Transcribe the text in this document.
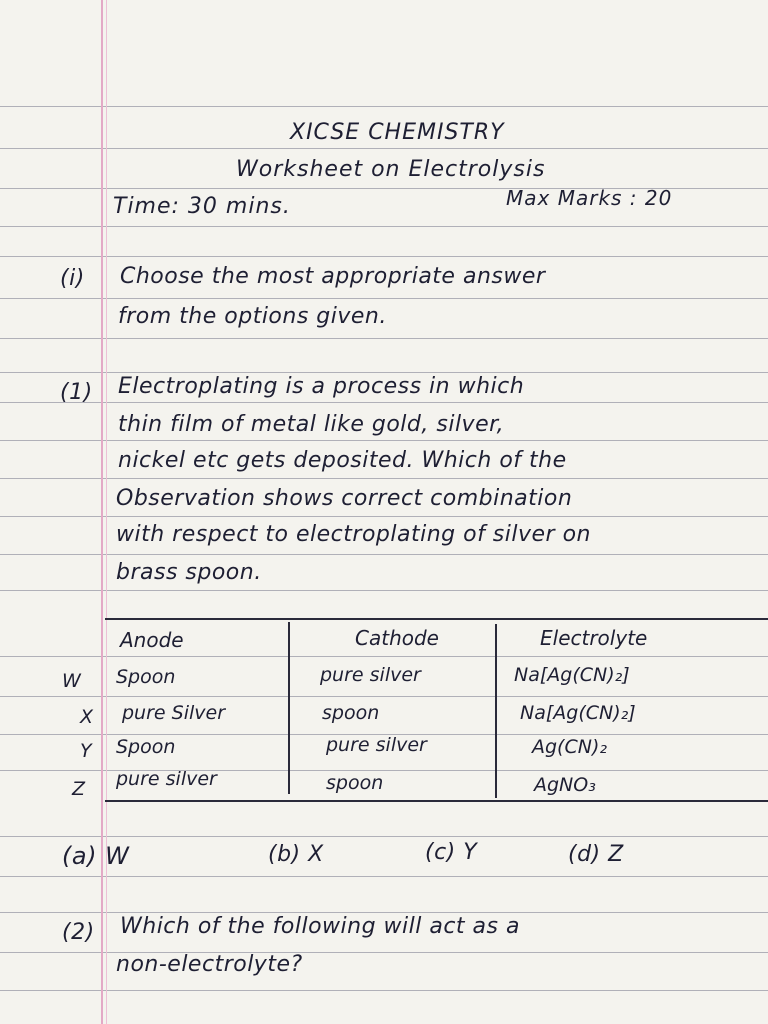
XICSE CHEMISTRY
Worksheet on Electrolysis
Time: 30 mins.	Max Marks : 20
(i) Choose the most appropriate answer
from the options given.
(1) Electroplating is a process in which
thin film of metal like gold, silver,
nickel etc gets deposited. Which of the
Observation shows correct combination
with respect to electroplating of silver on
brass spoon.
Anode	Cathode	Electrolyte
W Spoon	pure silver	Na[Ag(CN)₂]
X pure Silver	spoon	Na[Ag(CN)₂]
Y Spoon	pure silver	Ag(CN)₂
Z pure silver	spoon	AgNO₃
(a) W	(b) X	(c) Y	(d) Z
(2) Which of the following will act as a
non-electrolyte?
